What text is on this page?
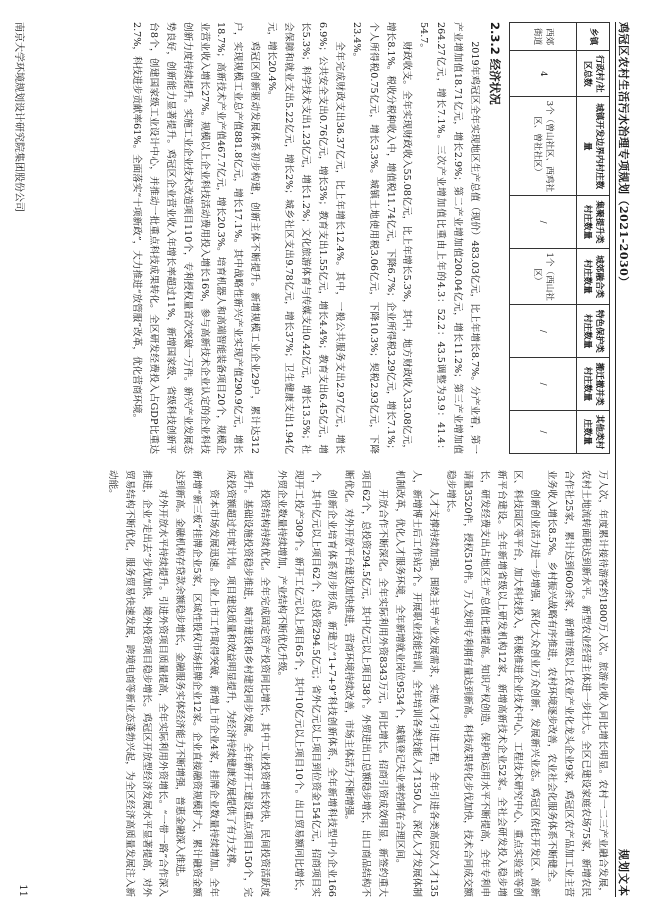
鸡冠区农村生活污水治理专项规划（2021-2030）
规划文本
乡镇	行政村/社区总数	城镇开发边界内村庄数量	集聚提升类村庄数量	城郊融合类村庄数量	特色保护类村庄数量	搬迁撤并类村庄数量	其他类村庄数量
西郊街道	4	3个（曾山社区、西鸡社区、曾社社区）	/	1个（西山社区）	/	/	/
2.3.2 经济状况

2019年鸡冠区全年实现地区生产总值（现价）483.03亿元，比上年增长8.7%。分产业看，第一产业增加值18.71亿元，增长2.9%；第二产业增加值200.04亿元，增长11.2%；第三产业增加值264.27亿元，增长7.1%。三次产业增加值比重由上年的4.3：52.2：43.5调整为3.9：41.4：54.7。

财政收支。全年实现财政收入55.08亿元，比上年增长5.3%，其中，地方财政收入33.08亿元，增长8.1%。税收分税种收入中，增值税11.74亿元，下降6.7%；企业所得税3.29亿元，增长7.1%；个人所得税0.75亿元，增长3.3%。城镇土地使用税3.06亿元，下降10.3%；契税2.93亿元，下降23.4%。

全年完成财政支出36.37亿元，比上年增长12.4%。其中，一般公共服务支出2.97亿元，增长6.9%；公共安全支出0.76亿元，增长3%；教育支出1.55亿元，增长4.4%；教育支出6.45亿元，增长5.3%；科学技术支出1.23亿元，增长1.2%；文化旅游体育与传媒支出0.42亿元，增长13.5%；社会保障和就业支出5.22亿元，增长2%；城乡社区支出9.78亿元，增长37%；卫生健康支出1.94亿元，增长20.4%。

鸡冠区创新驱动发展体系初步构建，创新主体不断提升。新增规模工业企业29户，累计达312户，实现规模工业总产值881.8亿元，增长17.1%。其中战略性新兴产业实现产值290.9亿元，增长18.7%；高新技术产业产值467.7亿元，增长20.3%。培育机器人和高端智能装备项目20个，规模企业营业收入增长27%。规模以上企业科技活动费用投入增长16%，参与高新技术企业认定的企业科技创新力度持续提升。实施工业企业技术改造项目110个，专利授权量首次突破一万件。新兴产业发展态势良好，创新能力显著提升。鸡冠区企业营业收入年增长率超过11%，新增国家级、省级科技创新平台8个，创建国家级工业设计中心，并推动一批重点科技成果转化。全区研发经费投入占GDP比重达2.7%，科技进步贡献率61%。全面落实“十项新政”，大力推进“放管服”改革，优化营商环境。

万人次，年度累计接待游客约1800万人次。旅游业收入同比增长明显。农村一二三产业融合发展，农村土地流转面积达到新水平。新型农业经营主体进一步壮大。全区已建设家庭农场75家，新增农民合作社25家，累计达到600余家，新增市级以上农业产业化龙头企业9家，鸡冠区农产品加工业主营业务收入增长8.5%。乡村振兴战略有序推进，农村环境逐步改善，农业社会化服务体系不断健全。

创新创业活力进一步增强，深化大众创业万众创新，发展新兴业态。鸡冠区依托开发区、高新区、科技园区等平台，加大科技投入，积极推进企业技术中心、工程技术研究中心、重点实验室等创新平台建设。全年新增省级以上研发机构12家，新增高新技术企业52家。全社会研发投入稳步增长，研发经费支出占地区生产总值比重提高。知识产权创造、保护和运用水平不断提高，全年专利申请量3520件，授权510件。万人发明专利拥有量达到新高。科技成果转化步伐加快，技术合同成交额稳步增长。

人才支撑持续加强。围绕主导产业发展需求，实施人才引进工程，全年引进各类高层次人才135人，新增博士后工作站2个。开展职业技能培训，全年培训各类技能人才1350人。深化人才发展体制机制改革，优化人才服务环境，全年新增就业岗位9534个，城镇登记失业率控制在合理区间。

开放合作不断深化。全年实际利用外资8343万元，同比增长。招商引资成效明显，新签约重大项目62个，总投资294.5亿元，其中亿元以上项目38个。外贸进出口总额稳步增长，出口商品结构不断优化。对外开放平台建设加快推进，营商环境持续改善，市场主体活力不断增强。

创新企业培育体系初步形成。新建立“1+7+9”科技创新体系，全年新增科技型中小企业166个，其中亿元以上项目62个，总投资294.5亿元；省外亿元以上项目到位资金154亿元，招商项目实现开工投产309个。新开工亿元以上项目65个，其中10亿元以上项目10个。出口贸易额同比增长，外贸企业数量持续增加，产业结构不断优化升级。

投资结构持续优化。全年完成固定资产投资同比增长，其中工业投资增长较快，民间投资活跃度提升。基础设施投资稳步推进，城市建设和乡村建设同步发展。全年新开工建设重点项目150个，完成投资额超过年度计划。项目建设质量和效益明显提升，为经济持续健康发展提供了有力支撑。

资本市场发展迅速。企业上市工作取得突破，新增上市企业4家，挂牌企业数量持续增加。全年新增“新三板”挂牌企业5家，区域性股权市场挂牌企业12家。企业直接融资规模扩大，累计融资金额达到新高。金融机构存贷款余额稳步增长，金融服务实体经济能力不断增强，普惠金融深入推进。

对外开放水平持续提升。引进外资项目质量提高，全年实际利用外资增长。“一带一路”合作深入推进，企业“走出去”步伐加快，境外投资项目稳步增长。鸡冠区开放型经济发展水平显著提高，对外贸易结构不断优化，服务贸易快速发展，跨境电商等新业态蓬勃兴起，为全区经济高质量发展注入新动能。

南京大学环境规划设计研究院集团股份公司
11
